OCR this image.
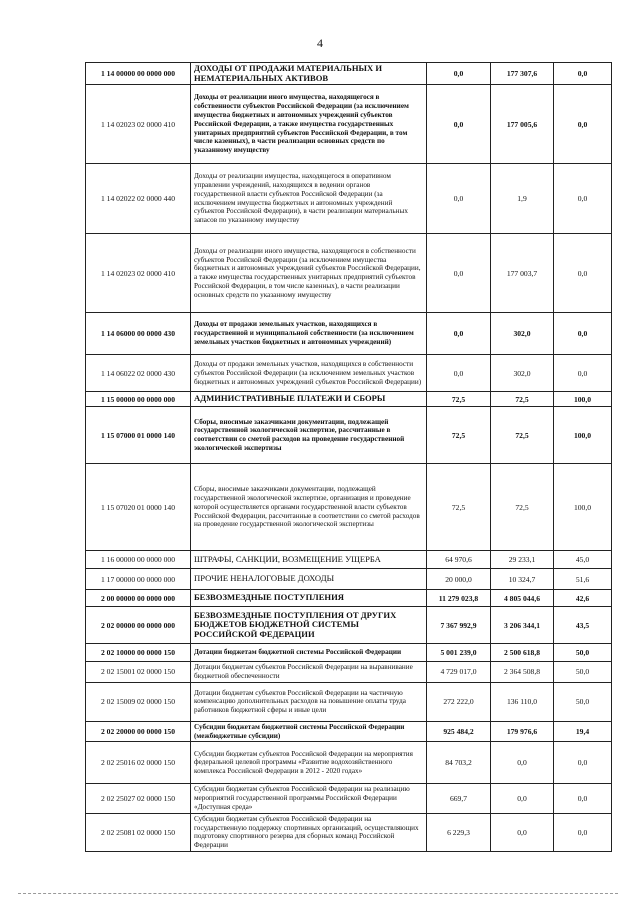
4
1 14 00000 00 0000 000	ДОХОДЫ ОТ ПРОДАЖИ МАТЕРИАЛЬНЫХ И НЕМАТЕРИАЛЬНЫХ АКТИВОВ	0,0	177 307,6	0,0
1 14 02023 02 0000 410	Доходы от реализации иного имущества, находящегося в собственности субъектов Российской Федерации (за исключением имущества бюджетных и автономных учреждений субъектов Российской Федерации, а также имущества государственных унитарных предприятий субъектов Российской Федерации, в том числе казенных), в части реализации основных средств по указанному имуществу	0,0	177 005,6	0,0
1 14 02022 02 0000 440	Доходы от реализации имущества, находящегося в оперативном управлении учреждений, находящихся в ведении органов государственной власти субъектов Российской Федерации (за исключением имущества бюджетных и автономных учреждений субъектов Российской Федерации), в части реализации материальных запасов по указанному имуществу	0,0	1,9	0,0
1 14 02023 02 0000 410	Доходы от реализации иного имущества, находящегося в собственности субъектов Российской Федерации (за исключением имущества бюджетных и автономных учреждений субъектов Российской Федерации, а также имущества государственных унитарных предприятий субъектов Российской Федерации, в том числе казенных), в части реализации основных средств по указанному имуществу	0,0	177 003,7	0,0
1 14 06000 00 0000 430	Доходы от продажи земельных участков, находящихся в государственной и муниципальной собственности (за исключением земельных участков бюджетных и автономных учреждений)	0,0	302,0	0,0
1 14 06022 02 0000 430	Доходы от продажи земельных участков, находящихся в собственности субъектов Российской Федерации (за исключением земельных участков бюджетных и автономных учреждений субъектов Российской Федерации)	0,0	302,0	0,0
1 15 00000 00 0000 000	АДМИНИСТРАТИВНЫЕ ПЛАТЕЖИ И СБОРЫ	72,5	72,5	100,0
1 15 07000 01 0000 140	Сборы, вносимые заказчиками документации, подлежащей государственной экологической экспертизе, рассчитанные в соответствии со сметой расходов на проведение государственной экологической экспертизы	72,5	72,5	100,0
1 15 07020 01 0000 140	Сборы, вносимые заказчиками документации, подлежащей государственной экологической экспертизе, организация и проведение которой осуществляется органами государственной власти субъектов Российской Федерации, рассчитанные в соответствии со сметой расходов на проведение государственной экологической экспертизы	72,5	72,5	100,0
1 16 00000 00 0000 000	ШТРАФЫ, САНКЦИИ, ВОЗМЕЩЕНИЕ УЩЕРБА	64 970,6	29 233,1	45,0
1 17 00000 00 0000 000	ПРОЧИЕ НЕНАЛОГОВЫЕ ДОХОДЫ	20 000,0	10 324,7	51,6
2 00 00000 00 0000 000	БЕЗВОЗМЕЗДНЫЕ ПОСТУПЛЕНИЯ	11 279 023,8	4 805 044,6	42,6
2 02 00000 00 0000 000	БЕЗВОЗМЕЗДНЫЕ ПОСТУПЛЕНИЯ ОТ ДРУГИХ БЮДЖЕТОВ БЮДЖЕТНОЙ СИСТЕМЫ РОССИЙСКОЙ ФЕДЕРАЦИИ	7 367 992,9	3 206 344,1	43,5
2 02 10000 00 0000 150	Дотации бюджетам бюджетной системы Российской Федерации	5 001 239,0	2 500 618,8	50,0
2 02 15001 02 0000 150	Дотации бюджетам субъектов Российской Федерации на выравнивание бюджетной обеспеченности	4 729 017,0	2 364 508,8	50,0
2 02 15009 02 0000 150	Дотации бюджетам субъектов Российской Федерации на частичную компенсацию дополнительных расходов на повышение оплаты труда работников бюджетной сферы и иные цели	272 222,0	136 110,0	50,0
2 02 20000 00 0000 150	Субсидии бюджетам бюджетной системы Российской Федерации (межбюджетные субсидии)	925 484,2	179 976,6	19,4
2 02 25016 02 0000 150	Субсидии бюджетам субъектов Российской Федерации на мероприятия федеральной целевой программы «Развитие водохозяйственного комплекса Российской Федерации в 2012 - 2020 годах»	84 703,2	0,0	0,0
2 02 25027 02 0000 150	Субсидии бюджетам субъектов Российской Федерации на реализацию мероприятий государственной программы Российской Федерации «Доступная среда»	669,7	0,0	0,0
2 02 25081 02 0000 150	Субсидии бюджетам субъектов Российской Федерации на государственную поддержку спортивных организаций, осуществляющих подготовку спортивного резерва для сборных команд Российской Федерации	6 229,3	0,0	0,0
